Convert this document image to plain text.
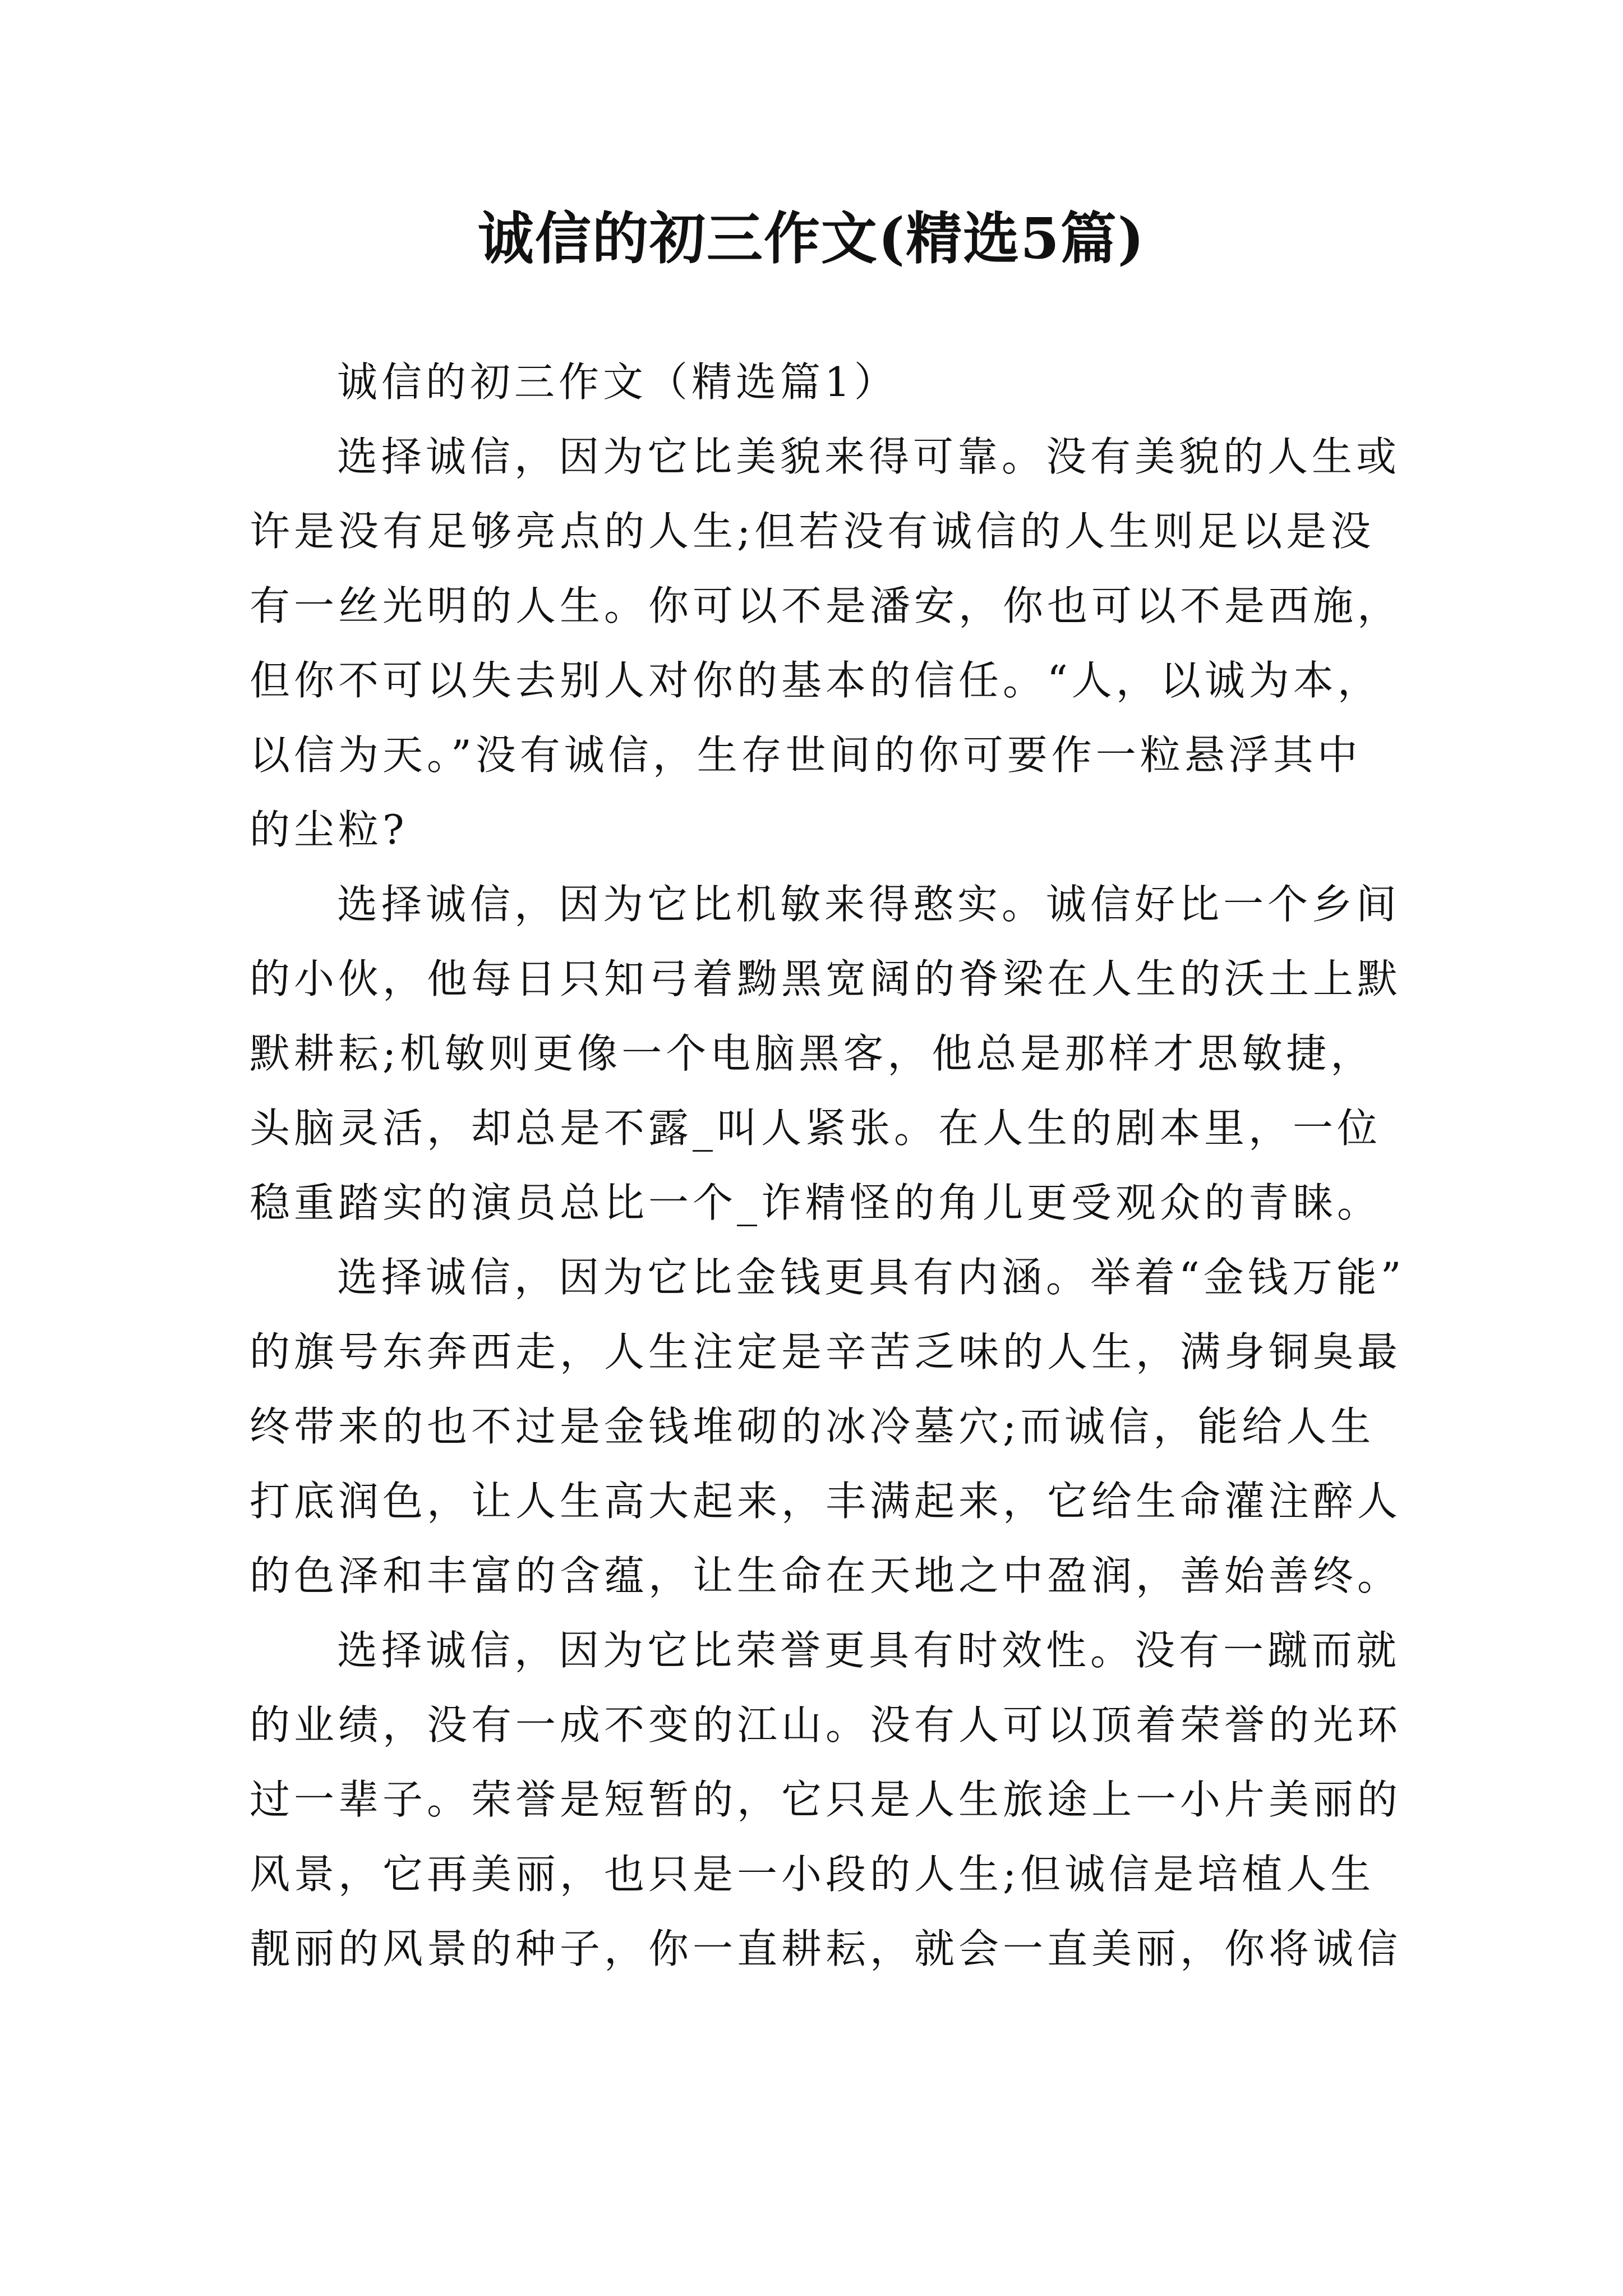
诚信的初三作文(精选5篇)
诚信的初三作文（精选篇1）
选择诚信，因为它比美貌来得可靠。没有美貌的人生或
许是没有足够亮点的人生;但若没有诚信的人生则足以是没
有一丝光明的人生。你可以不是潘安，你也可以不是西施，
但你不可以失去别人对你的基本的信任。“人，以诚为本，
以信为天。”没有诚信，生存世间的你可要作一粒悬浮其中
的尘粒?
选择诚信，因为它比机敏来得憨实。诚信好比一个乡间
的小伙，他每日只知弓着黝黑宽阔的脊梁在人生的沃土上默
默耕耘;机敏则更像一个电脑黑客，他总是那样才思敏捷，
头脑灵活，却总是不露_叫人紧张。在人生的剧本里，一位
稳重踏实的演员总比一个_诈精怪的角儿更受观众的青睐。
选择诚信，因为它比金钱更具有内涵。举着“金钱万能”
的旗号东奔西走，人生注定是辛苦乏味的人生，满身铜臭最
终带来的也不过是金钱堆砌的冰冷墓穴;而诚信，能给人生
打底润色，让人生高大起来，丰满起来，它给生命灌注醉人
的色泽和丰富的含蕴，让生命在天地之中盈润，善始善终。
选择诚信，因为它比荣誉更具有时效性。没有一蹴而就
的业绩，没有一成不变的江山。没有人可以顶着荣誉的光环
过一辈子。荣誉是短暂的，它只是人生旅途上一小片美丽的
风景，它再美丽，也只是一小段的人生;但诚信是培植人生
靓丽的风景的种子，你一直耕耘，就会一直美丽，你将诚信
